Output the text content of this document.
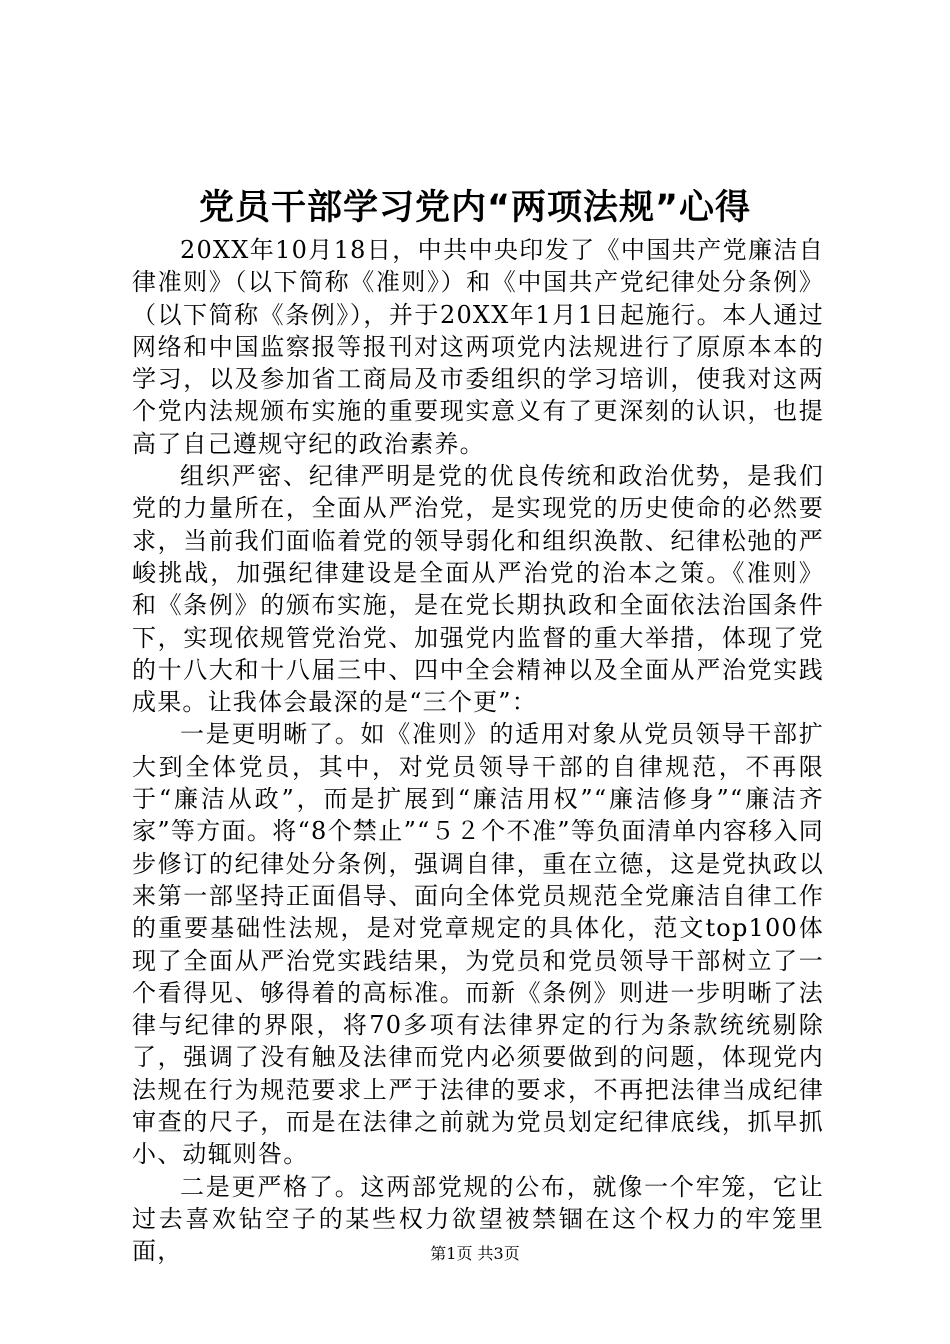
党员干部学习党内“两项法规”心得

20XX年10月18日，中共中央印发了《中国共产党廉洁自律准则》（以下简称《准则》）和《中国共产党纪律处分条例》（以下简称《条例》），并于20XX年1月1日起施行。本人通过网络和中国监察报等报刊对这两项党内法规进行了原原本本的学习，以及参加省工商局及市委组织的学习培训，使我对这两个党内法规颁布实施的重要现实意义有了更深刻的认识，也提高了自己遵规守纪的政治素养。

组织严密、纪律严明是党的优良传统和政治优势，是我们党的力量所在，全面从严治党，是实现党的历史使命的必然要求，当前我们面临着党的领导弱化和组织涣散、纪律松弛的严峻挑战，加强纪律建设是全面从严治党的治本之策。《准则》和《条例》的颁布实施，是在党长期执政和全面依法治国条件下，实现依规管党治党、加强党内监督的重大举措，体现了党的十八大和十八届三中、四中全会精神以及全面从严治党实践成果。让我体会最深的是“三个更”：

一是更明晰了。如《准则》的适用对象从党员领导干部扩大到全体党员，其中，对党员领导干部的自律规范，不再限于“廉洁从政”，而是扩展到“廉洁用权”“廉洁修身”“廉洁齐家”等方面。将“8个禁止”“５２个不准”等负面清单内容移入同步修订的纪律处分条例，强调自律，重在立德，这是党执政以来第一部坚持正面倡导、面向全体党员规范全党廉洁自律工作的重要基础性法规，是对党章规定的具体化，范文top100体现了全面从严治党实践结果，为党员和党员领导干部树立了一个看得见、够得着的高标准。而新《条例》则进一步明晰了法律与纪律的界限，将70多项有法律界定的行为条款统统剔除了，强调了没有触及法律而党内必须要做到的问题，体现党内法规在行为规范要求上严于法律的要求，不再把法律当成纪律审查的尺子，而是在法律之前就为党员划定纪律底线，抓早抓小、动辄则咎。

二是更严格了。这两部党规的公布，就像一个牢笼，它让过去喜欢钻空子的某些权力欲望被禁锢在这个权力的牢笼里面，	第1页 共3页
